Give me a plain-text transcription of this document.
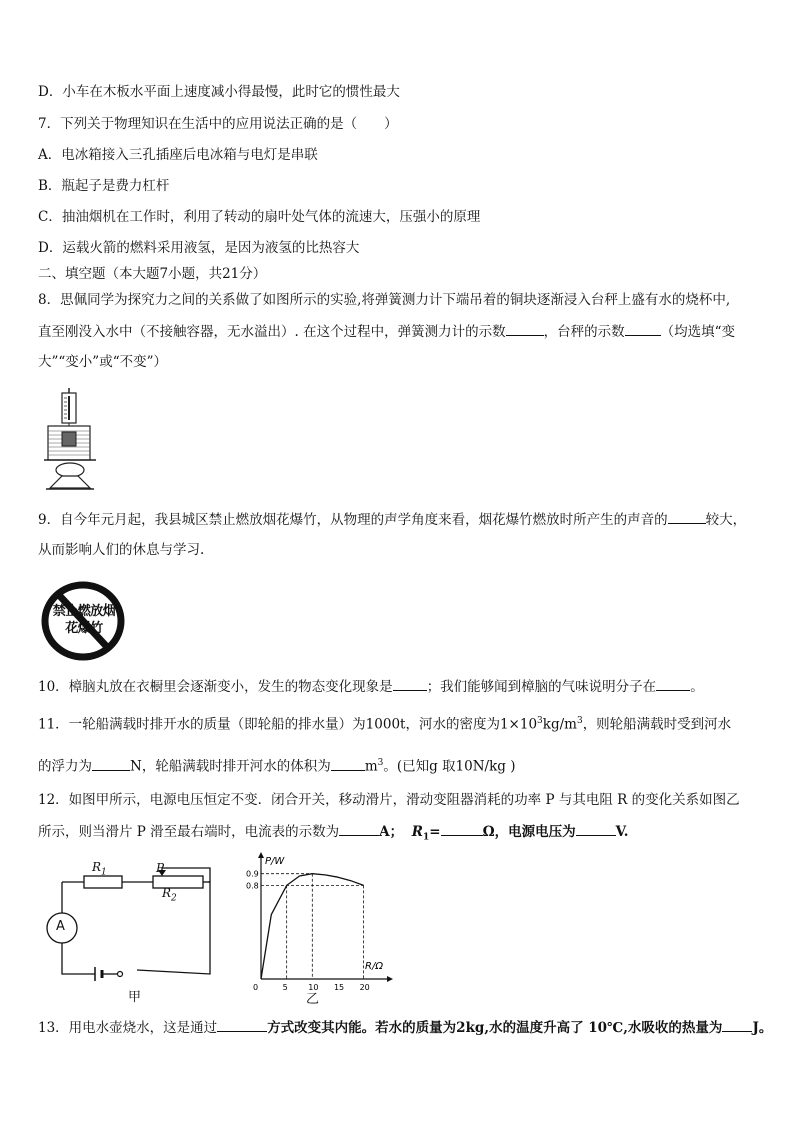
D．小车在木板水平面上速度减小得最慢，此时它的惯性最大
7．下列关于物理知识在生活中的应用说法正确的是（　　）
A．电冰箱接入三孔插座后电冰箱与电灯是串联
B．瓶起子是费力杠杆
C．抽油烟机在工作时，利用了转动的扇叶处气体的流速大，压强小的原理
D．运载火箭的燃料采用液氢，是因为液氢的比热容大
二、填空题（本大题7小题，共21分）
8．思佩同学为探究力之间的关系做了如图所示的实验,将弹簧测力计下端吊着的铜块逐渐浸入台秤上盛有水的烧杯中,
直至刚没入水中（不接触容器，无水溢出）. 在这个过程中，弹簧测力计的示数	，台秤的示数	（均选填“变
大”“变小”或“不变”）
9．自今年元月起，我县城区禁止燃放烟花爆竹，从物理的声学角度来看，烟花爆竹燃放时所产生的声音的	较大，
从而影响人们的休息与学习.
禁止燃放烟花爆竹
10．樟脑丸放在衣橱里会逐渐变小，发生的物态变化现象是	；我们能够闻到樟脑的气味说明分子在	。
11．一轮船满载时排开水的质量（即轮船的排水量）为1000t，河水的密度为$1\times 10^3kg/m^3$，则轮船满载时受到河水
的浮力为	N，轮船满载时排开河水的体积为	$m^3$。(已知g 取10N/kg )
12．如图甲所示，电源电压恒定不变．闭合开关，移动滑片，滑动变阻器消耗的功率 P 与其电阻 R 的变化关系如图乙
所示，则当滑片 P 滑至最右端时，电流表的示数为	A； $R_1=$	Ω，电源电压为	V.
$R_1$	P
$R_2$
A
甲
P/W
R/Ω
0	5	10 15 20
0.8
0.9
乙
13．用电水壶烧水，这是通过	方式改变其内能。若水的质量为2kg,水的温度升高了 10℃,水吸收的热量为 J。
